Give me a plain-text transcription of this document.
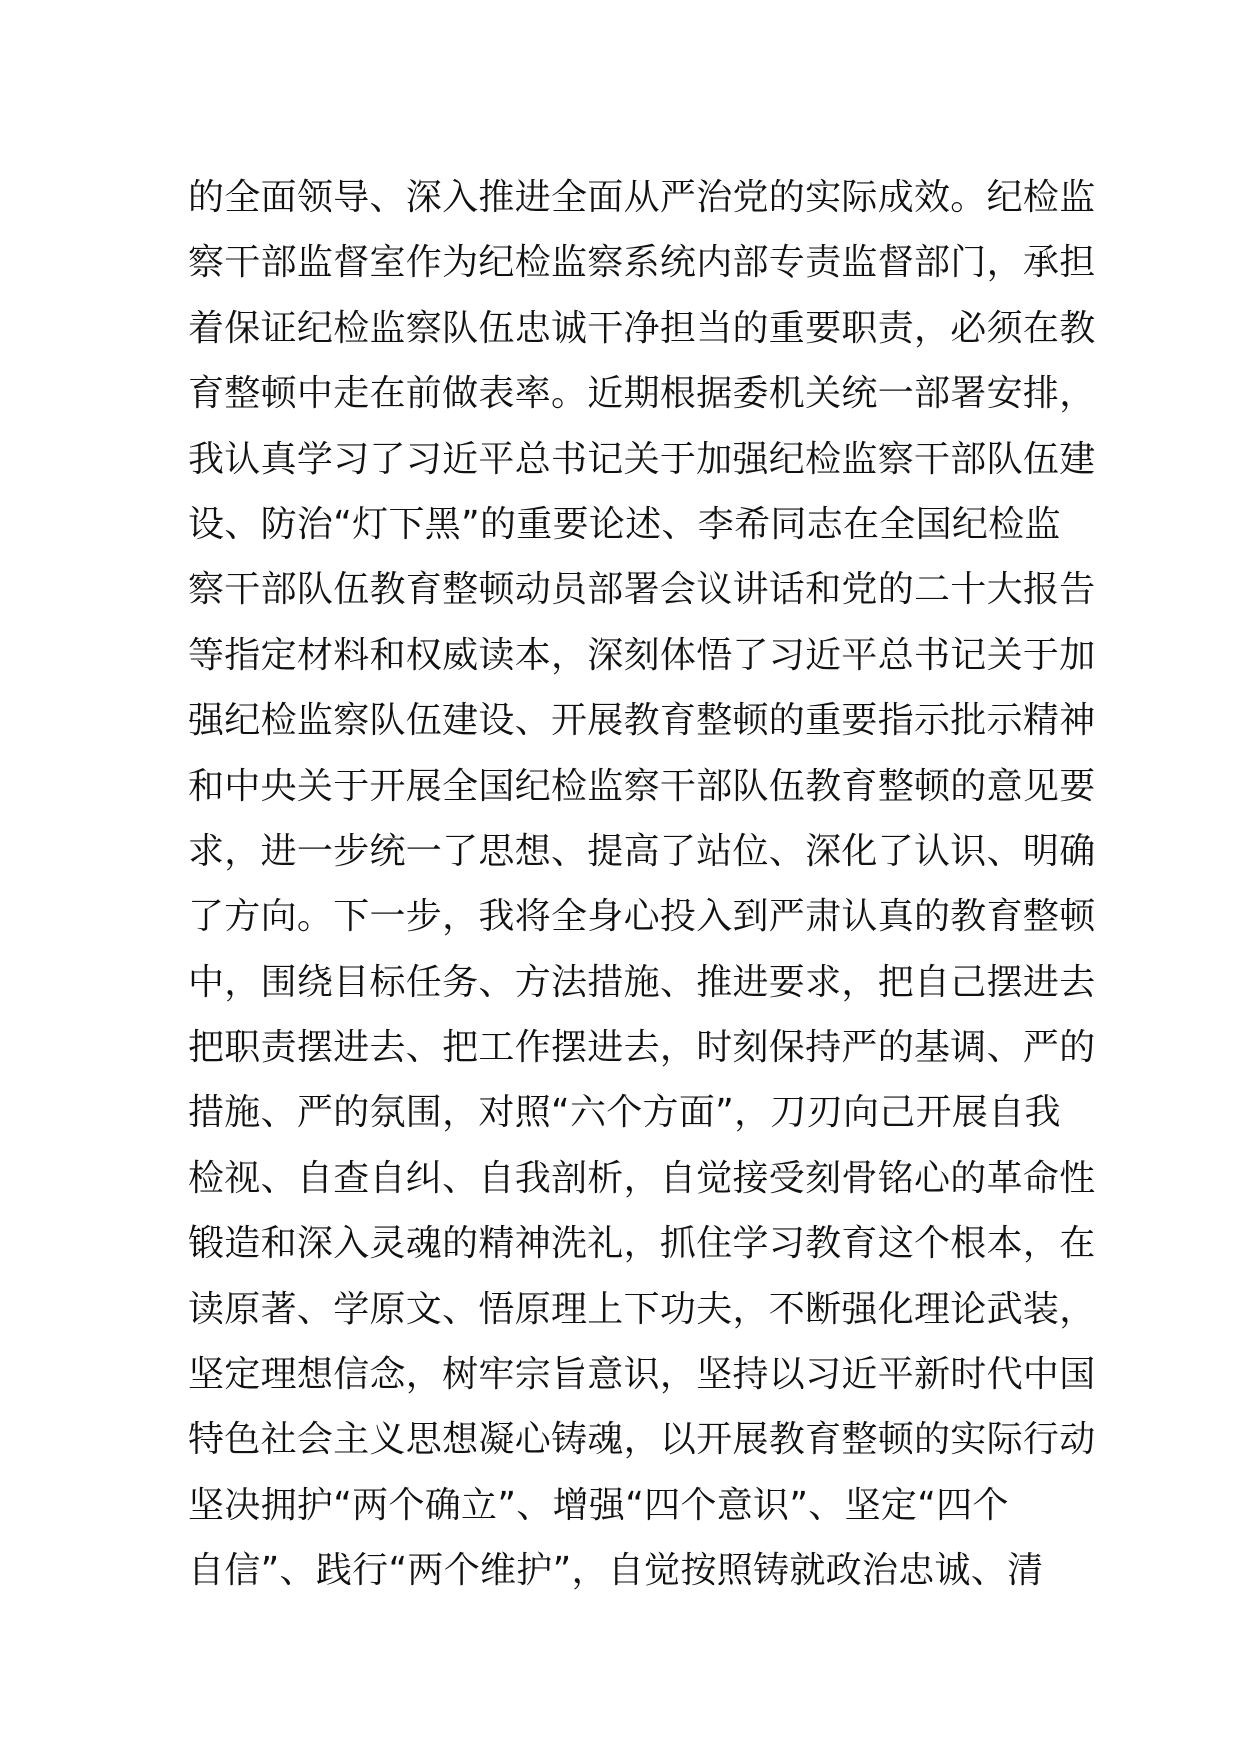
的全面领导、深入推进全面从严治党的实际成效。纪检监
察干部监督室作为纪检监察系统内部专责监督部门，承担
着保证纪检监察队伍忠诚干净担当的重要职责，必须在教
育整顿中走在前做表率。近期根据委机关统一部署安排，
我认真学习了习近平总书记关于加强纪检监察干部队伍建
设、防治“灯下黑”的重要论述、李希同志在全国纪检监
察干部队伍教育整顿动员部署会议讲话和党的二十大报告
等指定材料和权威读本，深刻体悟了习近平总书记关于加
强纪检监察队伍建设、开展教育整顿的重要指示批示精神
和中央关于开展全国纪检监察干部队伍教育整顿的意见要
求，进一步统一了思想、提高了站位、深化了认识、明确
了方向。下一步，我将全身心投入到严肃认真的教育整顿
中，围绕目标任务、方法措施、推进要求，把自己摆进去
把职责摆进去、把工作摆进去，时刻保持严的基调、严的
措施、严的氛围，对照“六个方面”，刀刃向己开展自我
检视、自查自纠、自我剖析，自觉接受刻骨铭心的革命性
锻造和深入灵魂的精神洗礼，抓住学习教育这个根本，在
读原著、学原文、悟原理上下功夫，不断强化理论武装，
坚定理想信念，树牢宗旨意识，坚持以习近平新时代中国
特色社会主义思想凝心铸魂，以开展教育整顿的实际行动
坚决拥护“两个确立”、增强“四个意识”、坚定“四个
自信”、践行“两个维护”，自觉按照铸就政治忠诚、清
